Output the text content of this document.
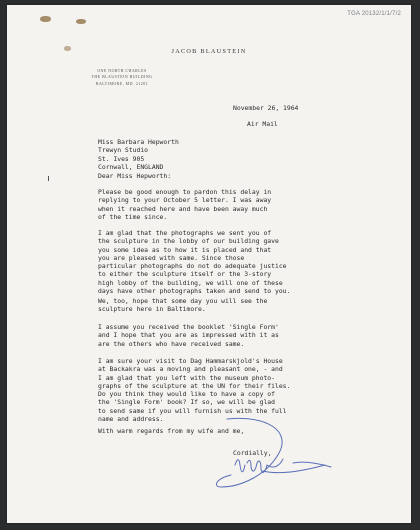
TGA 20132/1/1/7/2
JACOB BLAUSTEIN
ONE NORTH CHARLES
THE BLAUSTEIN BUILDING
BALTIMORE, MD. 21201
November 26, 1964
Air Mail
Miss Barbara Hepworth
Trewyn Studio
St. Ives 905
Cornwall, ENGLAND
Dear Miss Hepworth:
Please be good enough to pardon this delay in
replying to your October 5 letter. I was away
when it reached here and have been away much
of the time since.
I am glad that the photographs we sent you of
the sculpture in the lobby of our building gave
you some idea as to how it is placed and that
you are pleased with same. Since those
particular photographs do not do adequate justice
to either the sculpture itself or the 3-story
high lobby of the building, we will one of these
days have other photographs taken and send to you.
We, too, hope that some day you will see the
sculpture here in Baltimore.
I assume you received the booklet 'Single Form'
and I hope that you are as impressed with it as
are the others who have received same.
I am sure your visit to Dag Hammarskjold's House
at Backakra was a moving and pleasant one, - and
I am glad that you left with the museum photo-
graphs of the sculpture at the UN for their files.
Do you think they would like to have a copy of
the 'Single Form' book? If so, we will be glad
to send same if you will furnish us with the full
name and address.
With warm regards from my wife and me,
Cordially,
